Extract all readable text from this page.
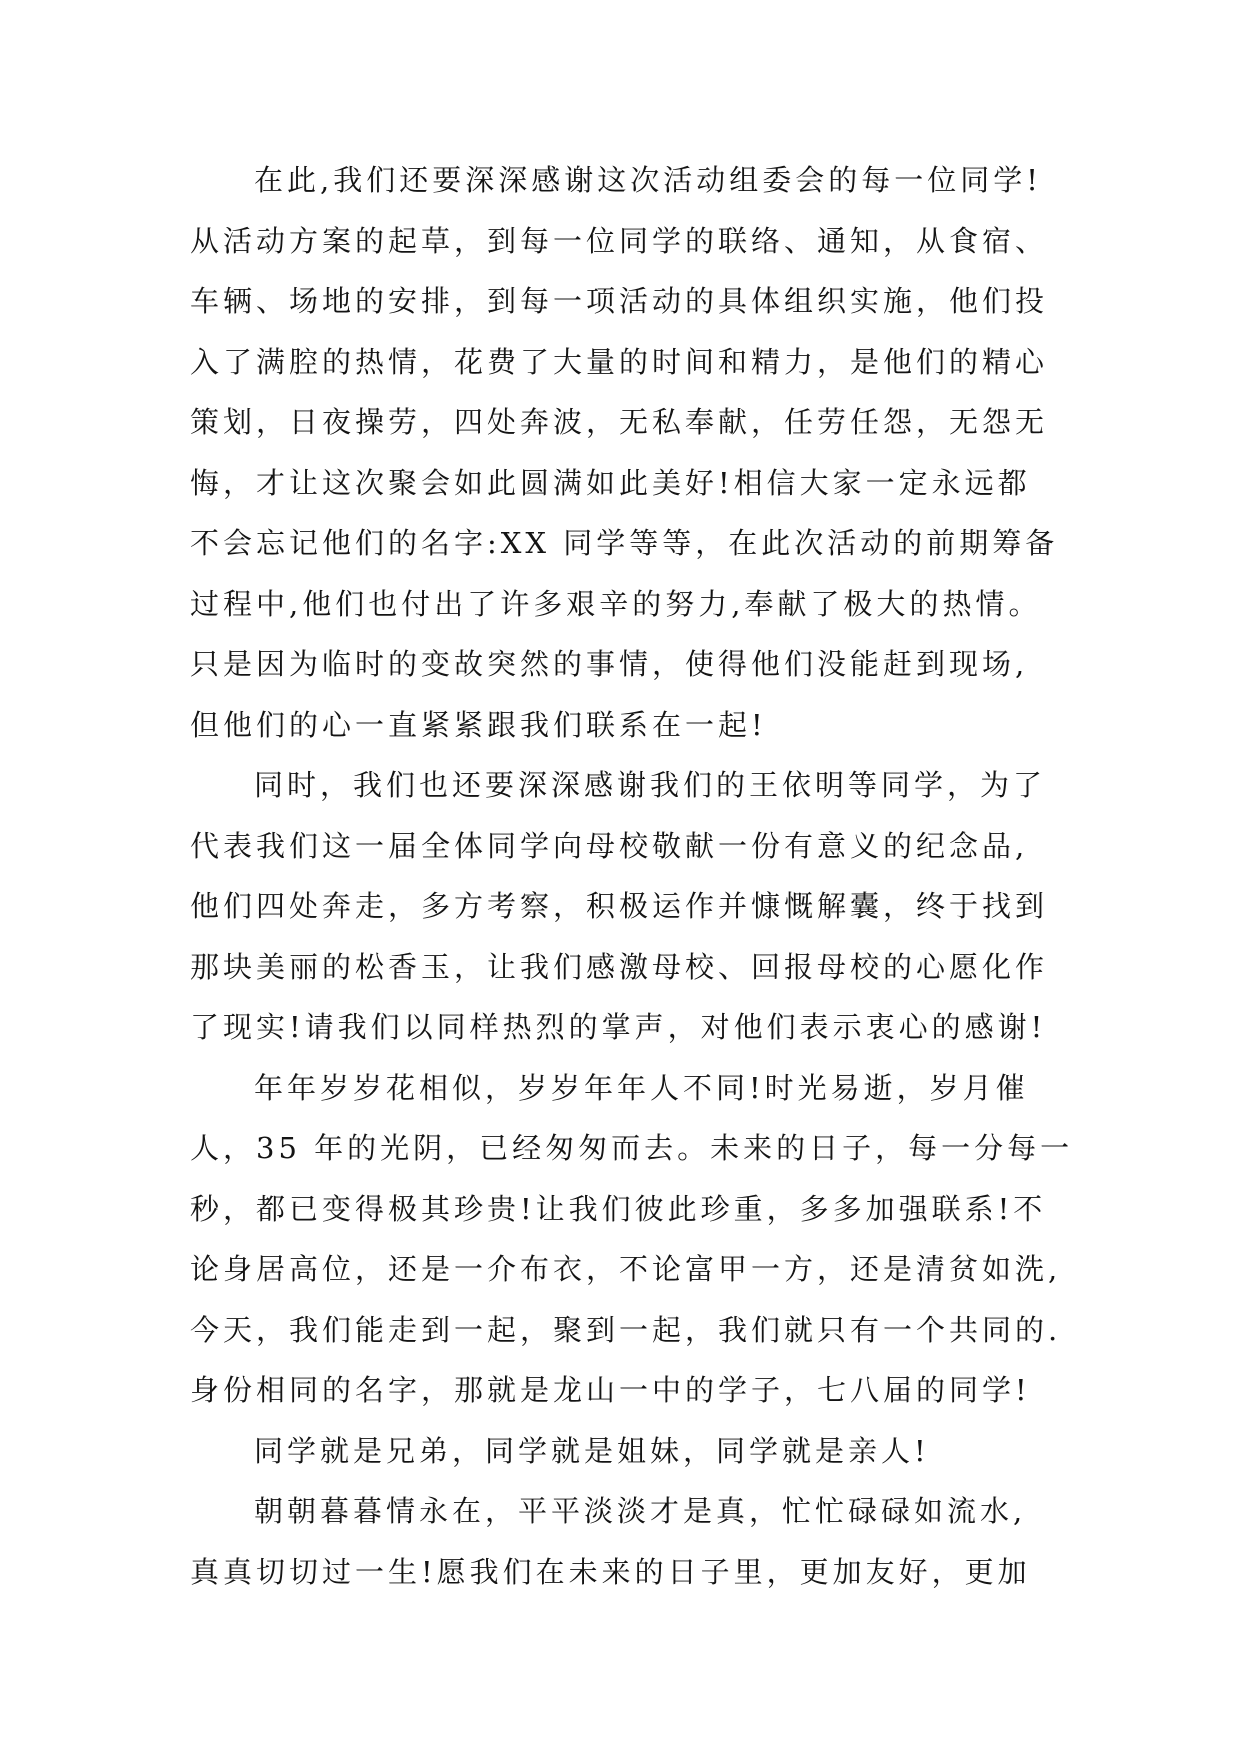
在此,我们还要深深感谢这次活动组委会的每一位同学!
从活动方案的起草，到每一位同学的联络、通知，从食宿、
车辆、场地的安排，到每一项活动的具体组织实施，他们投
入了满腔的热情，花费了大量的时间和精力，是他们的精心
策划，日夜操劳，四处奔波，无私奉献，任劳任怨，无怨无
悔，才让这次聚会如此圆满如此美好!相信大家一定永远都
不会忘记他们的名字:XX 同学等等，在此次活动的前期筹备
过程中,他们也付出了许多艰辛的努力,奉献了极大的热情。
只是因为临时的变故突然的事情，使得他们没能赶到现场,
但他们的心一直紧紧跟我们联系在一起!
同时，我们也还要深深感谢我们的王依明等同学，为了
代表我们这一届全体同学向母校敬献一份有意义的纪念品,
他们四处奔走，多方考察，积极运作并慷慨解囊，终于找到
那块美丽的松香玉，让我们感激母校、回报母校的心愿化作
了现实!请我们以同样热烈的掌声，对他们表示衷心的感谢!
年年岁岁花相似，岁岁年年人不同!时光易逝，岁月催
人，35 年的光阴，已经匆匆而去。未来的日子，每一分每一
秒，都已变得极其珍贵!让我们彼此珍重，多多加强联系!不
论身居高位，还是一介布衣，不论富甲一方，还是清贫如洗,
今天，我们能走到一起，聚到一起，我们就只有一个共同的.
身份相同的名字，那就是龙山一中的学子，七八届的同学!
同学就是兄弟，同学就是姐妹，同学就是亲人!
朝朝暮暮情永在，平平淡淡才是真，忙忙碌碌如流水,
真真切切过一生!愿我们在未来的日子里，更加友好，更加
